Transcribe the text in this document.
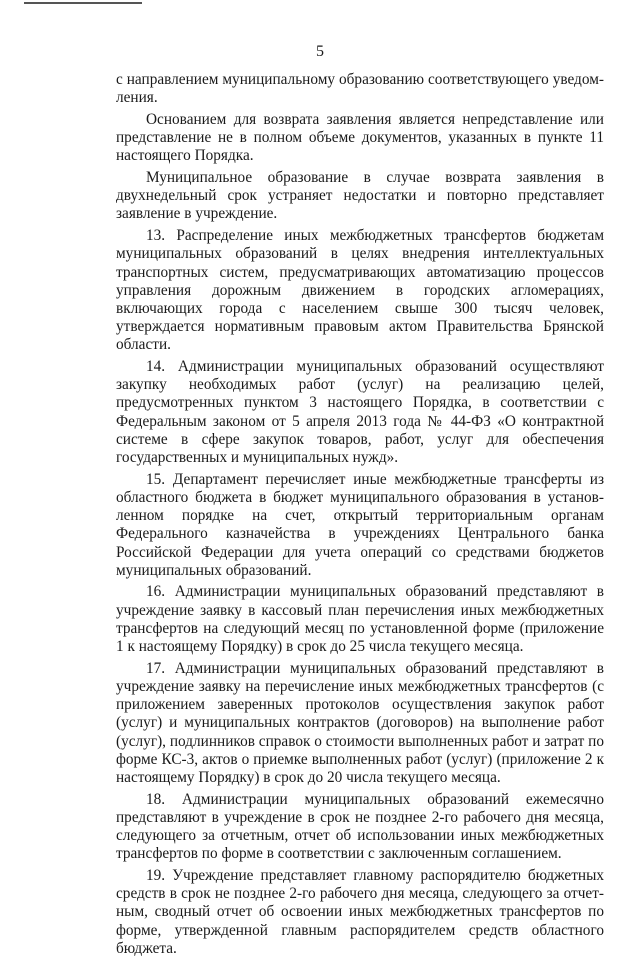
5

с направлением муниципальному образованию соответствующего уведомления.

Основанием для возврата заявления является непредставление или представление не в полном объеме документов, указанных в пункте 11 настоящего Порядка.

Муниципальное образование в случае возврата заявления в двухнедельный срок устраняет недостатки и повторно представляет заявление в учреждение.

13. Распределение иных межбюджетных трансфертов бюджетам муниципальных образований в целях внедрения интеллектуальных транспортных систем, предусматривающих автоматизацию процессов управления дорожным движением в городских агломерациях, включающих города с населением свыше 300 тысяч человек, утверждается нормативным правовым актом Правительства Брянской области.

14. Администрации муниципальных образований осуществляют закупку необходимых работ (услуг) на реализацию целей, предусмотренных пунктом 3 настоящего Порядка, в соответствии с Федеральным законом от 5 апреля 2013 года № 44-ФЗ «О контрактной системе в сфере закупок товаров, работ, услуг для обеспечения государственных и муниципальных нужд».

15. Департамент перечисляет иные межбюджетные трансферты из областного бюджета в бюджет муниципального образования в установленном порядке на счет, открытый территориальным органам Федерального казначейства в учреждениях Центрального банка Российской Федерации для учета операций со средствами бюджетов муниципальных образований.

16. Администрации муниципальных образований представляют в учреждение заявку в кассовый план перечисления иных межбюджетных трансфертов на следующий месяц по установленной форме (приложение 1 к настоящему Порядку) в срок до 25 числа текущего месяца.

17. Администрации муниципальных образований представляют в учреждение заявку на перечисление иных межбюджетных трансфертов (с приложением заверенных протоколов осуществления закупок работ (услуг) и муниципальных контрактов (договоров) на выполнение работ (услуг), подлинников справок о стоимости выполненных работ и затрат по форме КС-3, актов о приемке выполненных работ (услуг) (приложение 2 к настоящему Порядку) в срок до 20 числа текущего месяца.

18. Администрации муниципальных образований ежемесячно представляют в учреждение в срок не позднее 2-го рабочего дня месяца, следующего за отчетным, отчет об использовании иных межбюджетных трансфертов по форме в соответствии с заключенным соглашением.

19. Учреждение представляет главному распорядителю бюджетных средств в срок не позднее 2-го рабочего дня месяца, следующего за отчетным, сводный отчет об освоении иных межбюджетных трансфертов по форме, утвержденной главным распорядителем средств областного бюджета.
